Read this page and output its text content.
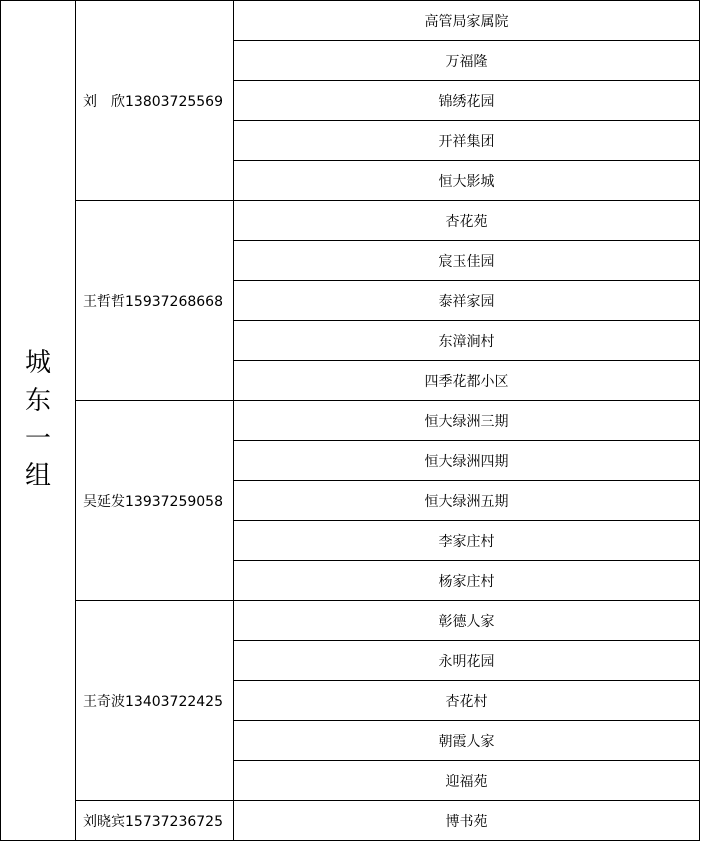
城东一组	刘　欣13803725569	高管局家属院
		万福隆
		锦绣花园
		开祥集团
		恒大影城
	王哲哲15937268668	杏花苑
		宸玉佳园
		泰祥家园
		东漳涧村
		四季花都小区
	吴延发13937259058	恒大绿洲三期
		恒大绿洲四期
		恒大绿洲五期
		李家庄村
		杨家庄村
	王奇波13403722425	彰德人家
		永明花园
		杏花村
		朝霞人家
		迎福苑
	刘晓宾15737236725	博书苑
